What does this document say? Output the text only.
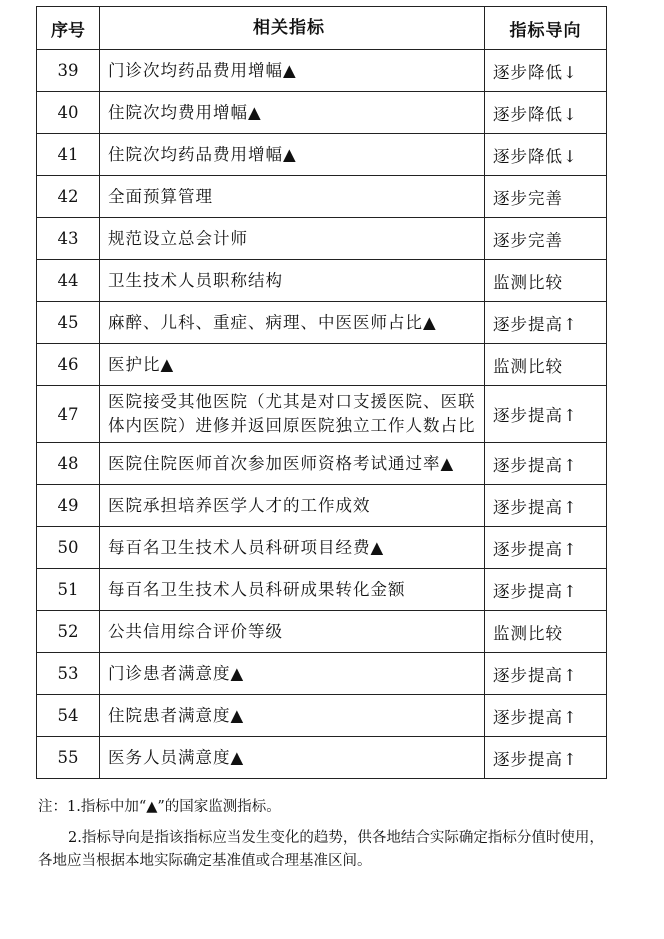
序号	相关指标	指标导向
39	门诊次均药品费用增幅▲	逐步降低↓
40	住院次均费用增幅▲	逐步降低↓
41	住院次均药品费用增幅▲	逐步降低↓
42	全面预算管理	逐步完善
43	规范设立总会计师	逐步完善
44	卫生技术人员职称结构	监测比较
45	麻醉、儿科、重症、病理、中医医师占比▲	逐步提高↑
46	医护比▲	监测比较
47	医院接受其他医院（尤其是对口支援医院、医联体内医院）进修并返回原医院独立工作人数占比	逐步提高↑
48	医院住院医师首次参加医师资格考试通过率▲	逐步提高↑
49	医院承担培养医学人才的工作成效	逐步提高↑
50	每百名卫生技术人员科研项目经费▲	逐步提高↑
51	每百名卫生技术人员科研成果转化金额	逐步提高↑
52	公共信用综合评价等级	监测比较
53	门诊患者满意度▲	逐步提高↑
54	住院患者满意度▲	逐步提高↑
55	医务人员满意度▲	逐步提高↑

注：1.指标中加“▲”的国家监测指标。

2.指标导向是指该指标应当发生变化的趋势，供各地结合实际确定指标分值时使用，各地应当根据本地实际确定基准值或合理基准区间。
